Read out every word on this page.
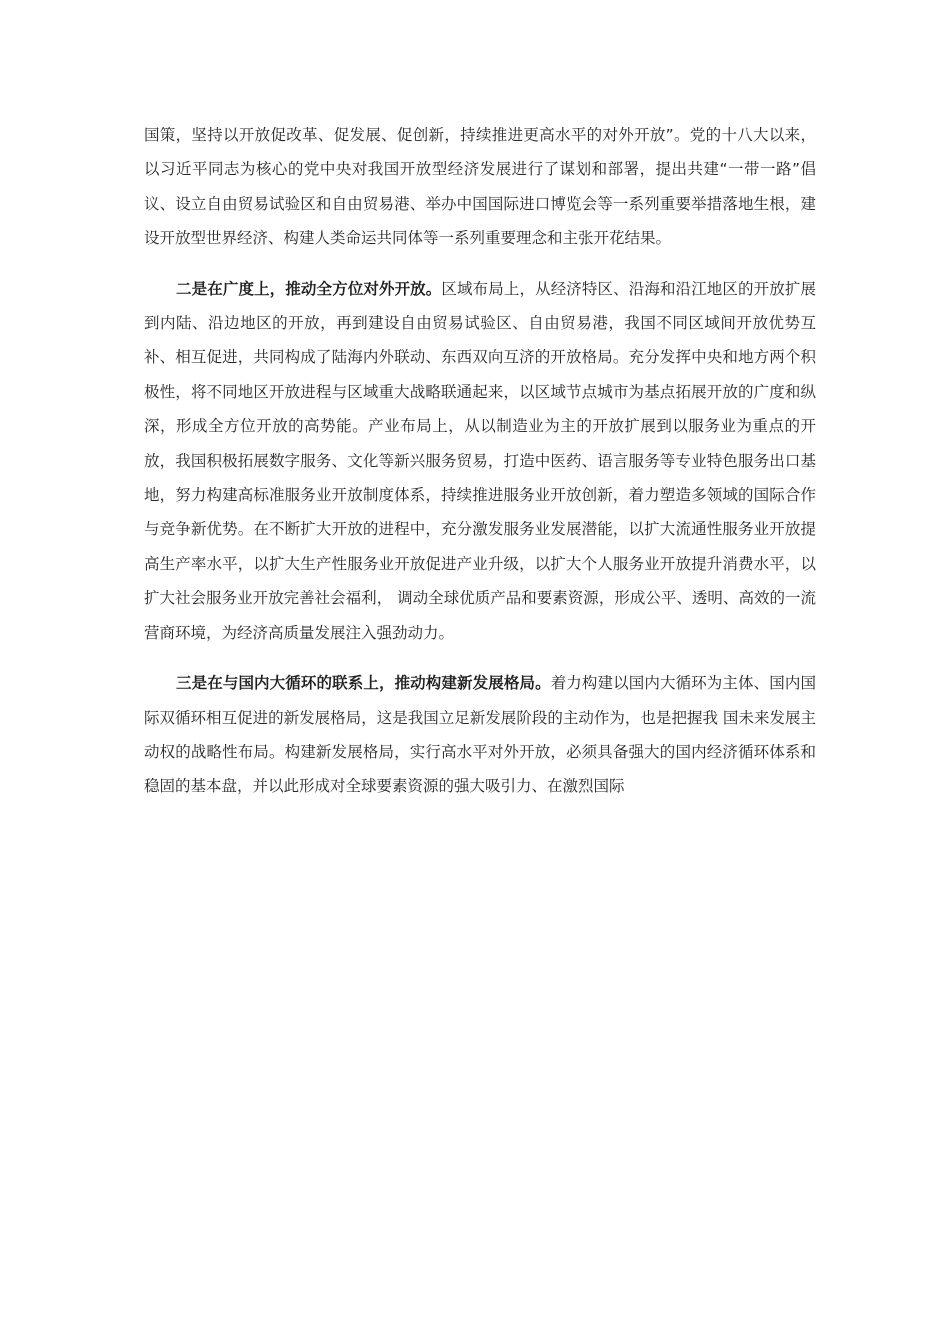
国策，坚持以开放促改革、促发展、促创新，持续推进更高水平的对外开放”。党的十八大以来，以习近平同志为核心的党中央对我国开放型经济发展进行了谋划和部署，提出共建“一带一路”倡议、设立自由贸易试验区和自由贸易港、举办中国国际进口博览会等一系列重要举措落地生根，建设开放型世界经济、构建人类命运共同体等一系列重要理念和主张开花结果。

二是在广度上，推动全方位对外开放。区域布局上，从经济特区、沿海和沿江地区的开放扩展到内陆、沿边地区的开放，再到建设自由贸易试验区、自由贸易港，我国不同区域间开放优势互补、相互促进，共同构成了陆海内外联动、东西双向互济的开放格局。充分发挥中央和地方两个积极性，将不同地区开放进程与区域重大战略联通起来，以区域节点城市为基点拓展开放的广度和纵深，形成全方位开放的高势能。产业布局上，从以制造业为主的开放扩展到以服务业为重点的开放，我国积极拓展数字服务、文化等新兴服务贸易，打造中医药、语言服务等专业特色服务出口基地，努力构建高标准服务业开放制度体系，持续推进服务业开放创新，着力塑造多领域的国际合作与竞争新优势。在不断扩大开放的进程中，充分激发服务业发展潜能，以扩大流通性服务业开放提高生产率水平，以扩大生产性服务业开放促进产业升级，以扩大个人服务业开放提升消费水平，以扩大社会服务业开放完善社会福利， 调动全球优质产品和要素资源，形成公平、透明、高效的一流营商环境，为经济高质量发展注入强劲动力。

三是在与国内大循环的联系上，推动构建新发展格局。着力构建以国内大循环为主体、国内国际双循环相互促进的新发展格局，这是我国立足新发展阶段的主动作为，也是把握我 国未来发展主动权的战略性布局。构建新发展格局，实行高水平对外开放，必须具备强大的国内经济循环体系和稳固的基本盘，并以此形成对全球要素资源的强大吸引力、在激烈国际
